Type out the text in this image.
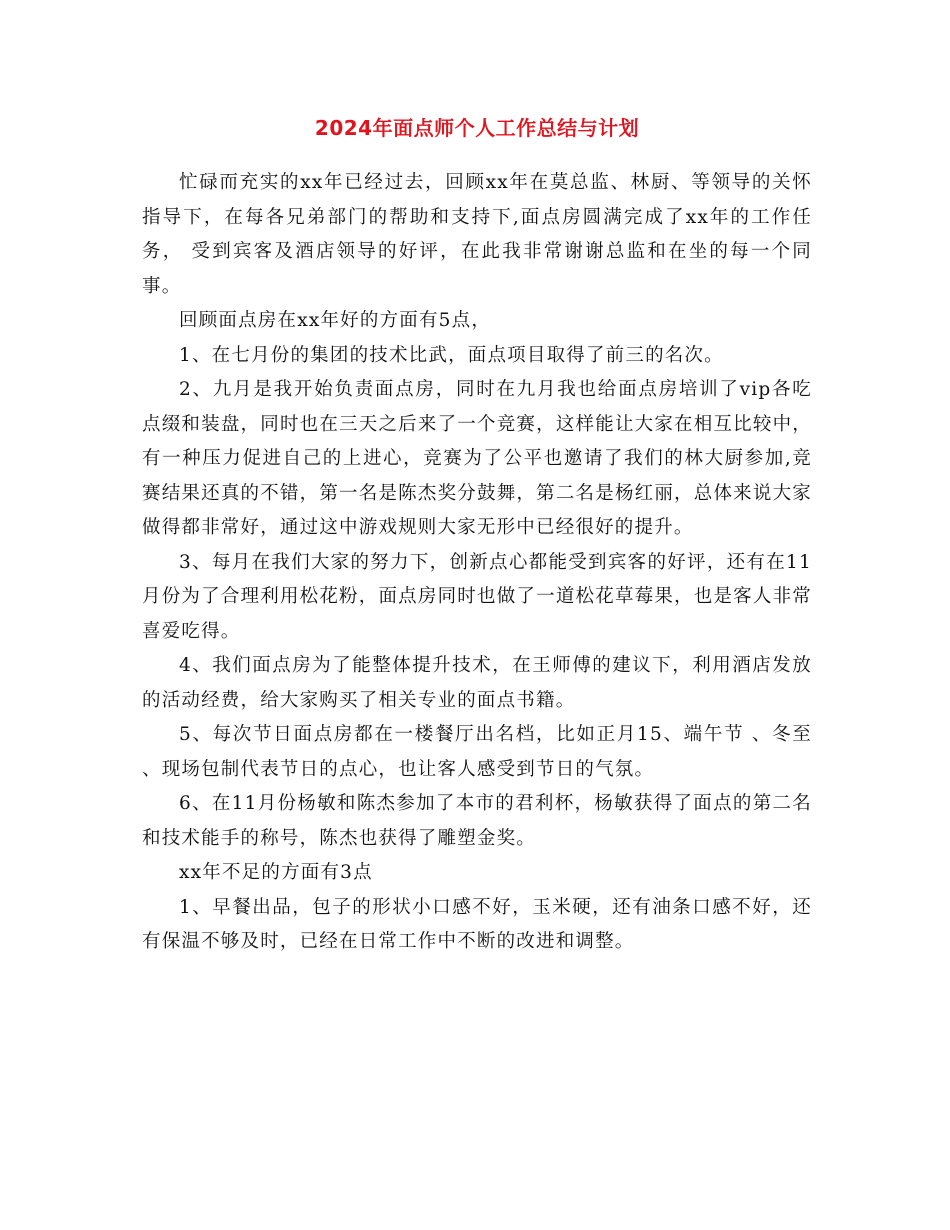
2024年面点师个人工作总结与计划

忙碌而充实的xx年已经过去，回顾xx年在莫总监、林厨、等领导的关怀指导下，在每各兄弟部门的帮助和支持下,面点房圆满完成了xx年的工作任务， 受到宾客及酒店领导的好评，在此我非常谢谢总监和在坐的每一个同事。

回顾面点房在xx年好的方面有5点，

1、在七月份的集团的技术比武，面点项目取得了前三的名次。

2、九月是我开始负责面点房，同时在九月我也给面点房培训了vip各吃点缀和装盘，同时也在三天之后来了一个竞赛，这样能让大家在相互比较中，有一种压力促进自己的上进心，竞赛为了公平也邀请了我们的林大厨参加,竞赛结果还真的不错，第一名是陈杰奖分鼓舞，第二名是杨红丽，总体来说大家做得都非常好，通过这中游戏规则大家无形中已经很好的提升。

3、每月在我们大家的努力下，创新点心都能受到宾客的好评，还有在11月份为了合理利用松花粉，面点房同时也做了一道松花草莓果，也是客人非常喜爱吃得。

4、我们面点房为了能整体提升技术，在王师傅的建议下，利用酒店发放的活动经费，给大家购买了相关专业的面点书籍。

5、每次节日面点房都在一楼餐厅出名档，比如正月15、端午节 、冬至 、现场包制代表节日的点心，也让客人感受到节日的气氛。

6、在11月份杨敏和陈杰参加了本市的君利杯，杨敏获得了面点的第二名和技术能手的称号，陈杰也获得了雕塑金奖。

xx年不足的方面有3点

1、早餐出品，包子的形状小口感不好，玉米硬，还有油条口感不好，还有保温不够及时，已经在日常工作中不断的改进和调整。
